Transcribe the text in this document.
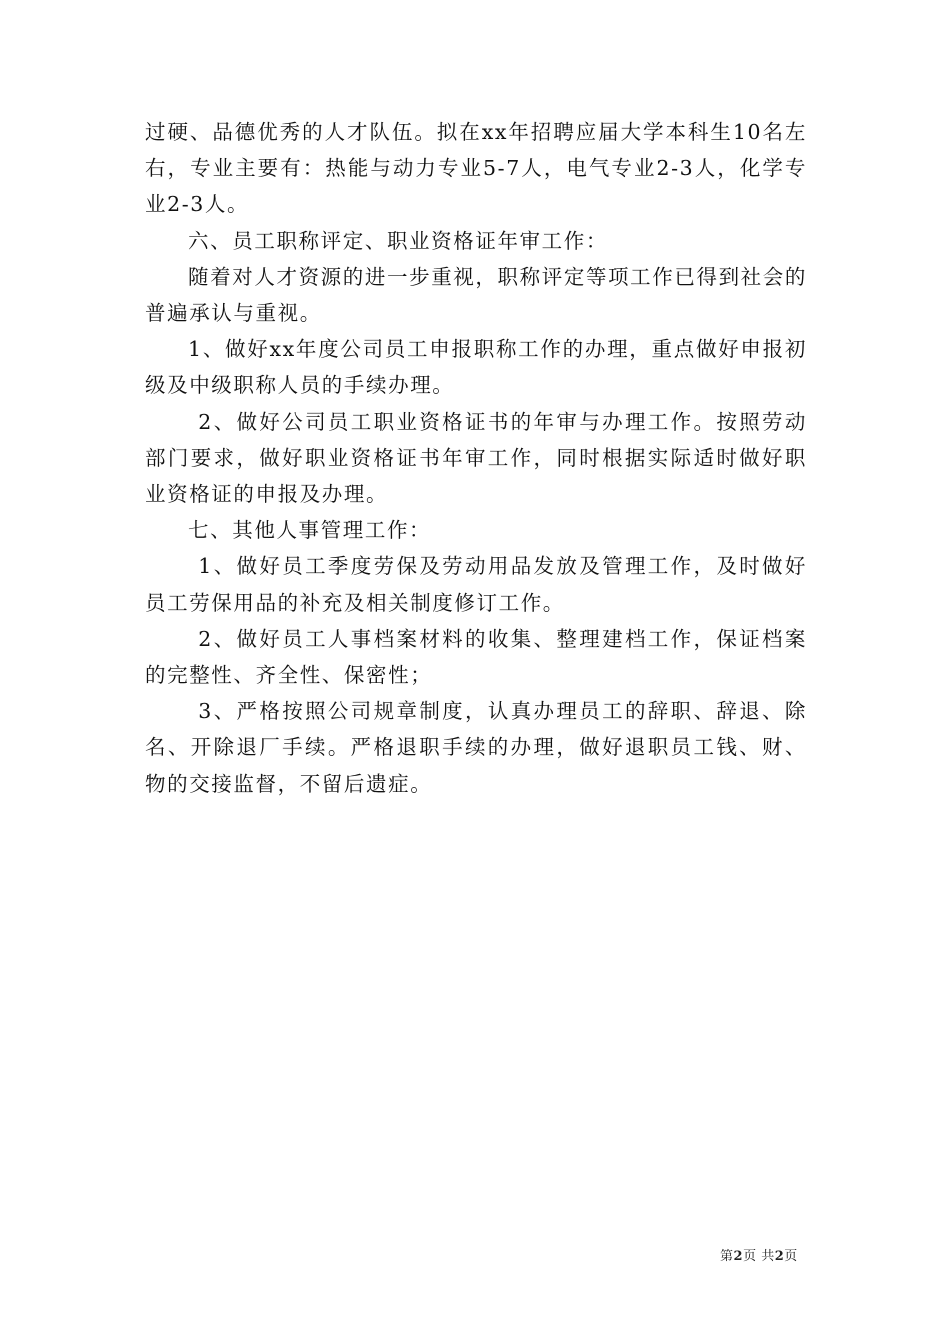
过硬、品德优秀的人才队伍。拟在xx年招聘应届大学本科生10名左右，专业主要有：热能与动力专业5-7人，电气专业2-3人，化学专业2-3人。

六、员工职称评定、职业资格证年审工作：

随着对人才资源的进一步重视，职称评定等项工作已得到社会的普遍承认与重视。

1、做好xx年度公司员工申报职称工作的办理，重点做好申报初级及中级职称人员的手续办理。

2、做好公司员工职业资格证书的年审与办理工作。按照劳动部门要求，做好职业资格证书年审工作，同时根据实际适时做好职业资格证的申报及办理。

七、其他人事管理工作：

1、做好员工季度劳保及劳动用品发放及管理工作，及时做好员工劳保用品的补充及相关制度修订工作。

2、做好员工人事档案材料的收集、整理建档工作，保证档案的完整性、齐全性、保密性；

3、严格按照公司规章制度，认真办理员工的辞职、辞退、除名、开除退厂手续。严格退职手续的办理，做好退职员工钱、财、物的交接监督，不留后遗症。

第2页 共2页
